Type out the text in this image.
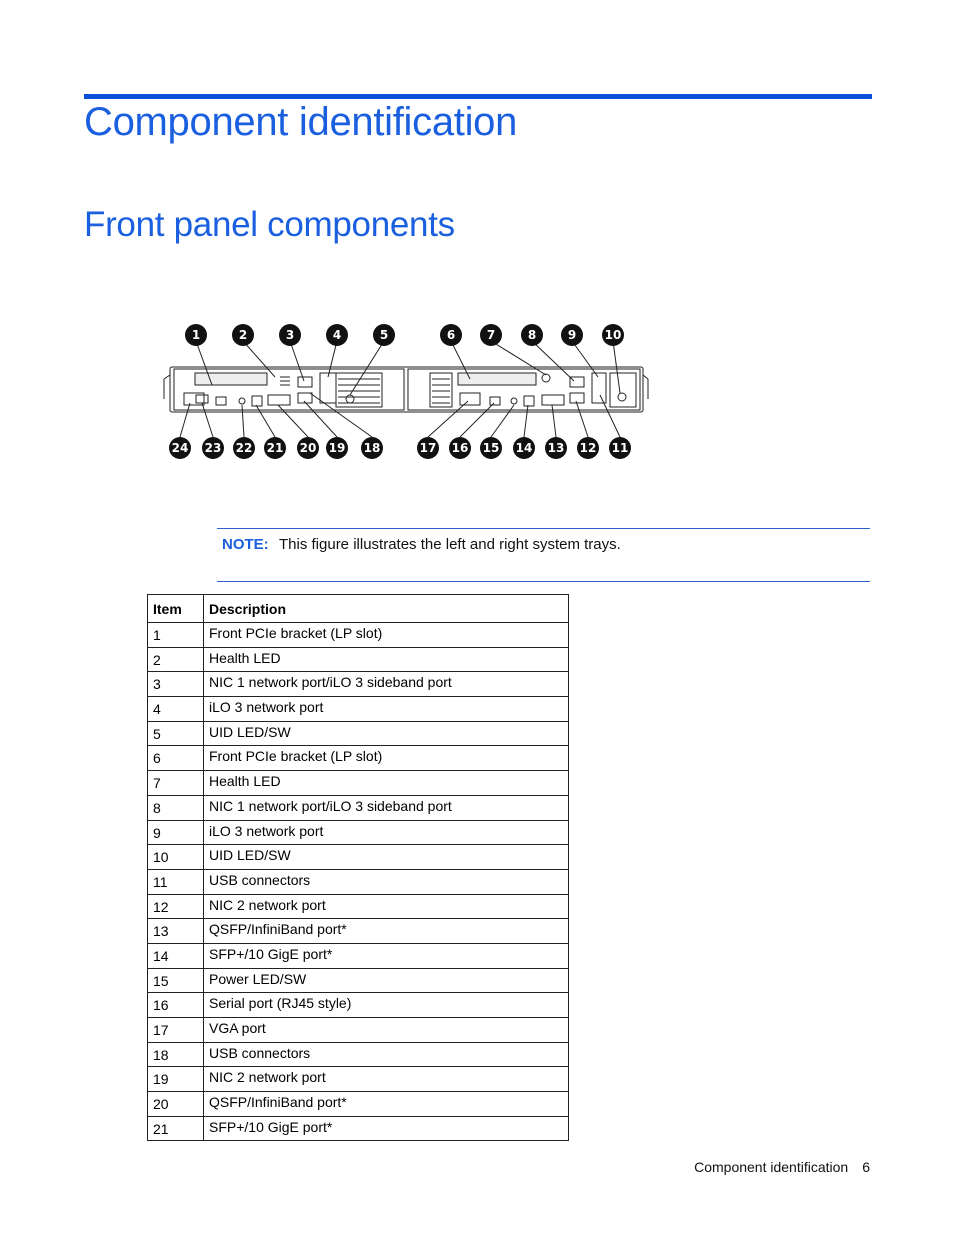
Component identification
Front panel components
1	2	3	4	5	6	7	8	9 10
24 23 22 21 20 19 18	17 16 15 14 13 12 11
NOTE: This figure illustrates the left and right system trays.
Item	Description
1	Front PCIe bracket (LP slot)
2	Health LED
3	NIC 1 network port/iLO 3 sideband port
4	iLO 3 network port
5	UID LED/SW
6	Front PCIe bracket (LP slot)
7	Health LED
8	NIC 1 network port/iLO 3 sideband port
9	iLO 3 network port
10	UID LED/SW
11	USB connectors
12	NIC 2 network port
13	QSFP/InfiniBand port*
14	SFP+/10 GigE port*
15	Power LED/SW
16	Serial port (RJ45 style)
17	VGA port
18	USB connectors
19	NIC 2 network port
20	QSFP/InfiniBand port*
21	SFP+/10 GigE port*
Component identification 6
